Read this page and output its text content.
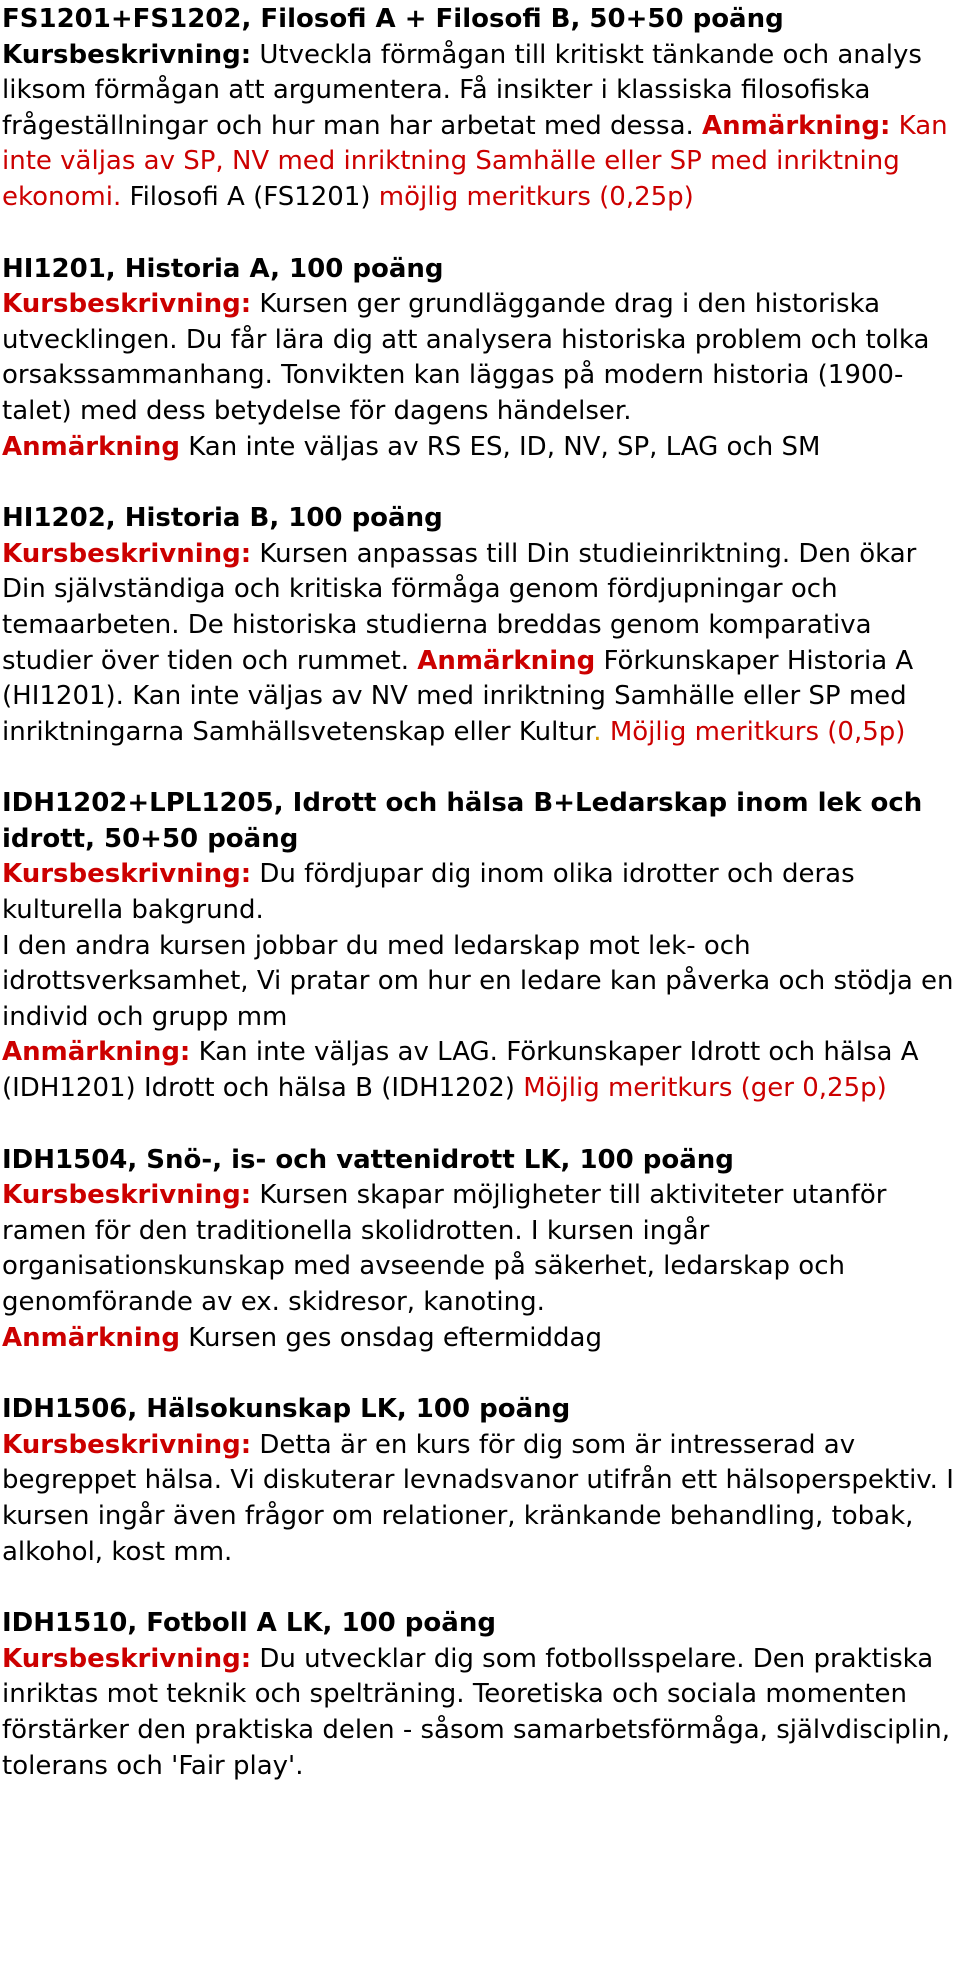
FS1201+FS1202, Filosofi A + Filosofi B, 50+50 poäng
Kursbeskrivning: Utveckla förmågan till kritiskt tänkande och analys liksom förmågan att argumentera. Få insikter i klassiska filosofiska frågeställningar och hur man har arbetat med dessa. Anmärkning: Kan inte väljas av SP, NV med inriktning Samhälle eller SP med inriktning ekonomi. Filosofi A (FS1201) möjlig meritkurs (0,25p)

HI1201, Historia A, 100 poäng
Kursbeskrivning: Kursen ger grundläggande drag i den historiska utvecklingen. Du får lära dig att analysera historiska problem och tolka orsakssammanhang. Tonvikten kan läggas på modern historia (1900-talet) med dess betydelse för dagens händelser.
Anmärkning Kan inte väljas av RS ES, ID, NV, SP, LAG och SM

HI1202, Historia B, 100 poäng
Kursbeskrivning: Kursen anpassas till Din studieinriktning. Den ökar Din självständiga och kritiska förmåga genom fördjupningar och temaarbeten. De historiska studierna breddas genom komparativa studier över tiden och rummet. Anmärkning Förkunskaper Historia A (HI1201). Kan inte väljas av NV med inriktning Samhälle eller SP med inriktningarna Samhällsvetenskap eller Kultur. Möjlig meritkurs (0,5p)

IDH1202+LPL1205, Idrott och hälsa B+Ledarskap inom lek och idrott, 50+50 poäng
Kursbeskrivning: Du fördjupar dig inom olika idrotter och deras kulturella bakgrund.
I den andra kursen jobbar du med ledarskap mot lek- och idrottsverksamhet, Vi pratar om hur en ledare kan påverka och stödja en individ och grupp mm
Anmärkning: Kan inte väljas av LAG. Förkunskaper Idrott och hälsa A (IDH1201) Idrott och hälsa B (IDH1202) Möjlig meritkurs (ger 0,25p)

IDH1504, Snö-, is- och vattenidrott LK, 100 poäng
Kursbeskrivning: Kursen skapar möjligheter till aktiviteter utanför ramen för den traditionella skolidrotten. I kursen ingår organisationskunskap med avseende på säkerhet, ledarskap och genomförande av ex. skidresor, kanoting.
Anmärkning Kursen ges onsdag eftermiddag

IDH1506, Hälsokunskap LK, 100 poäng
Kursbeskrivning: Detta är en kurs för dig som är intresserad av begreppet hälsa. Vi diskuterar levnadsvanor utifrån ett hälsoperspektiv. I kursen ingår även frågor om relationer, kränkande behandling, tobak, alkohol, kost mm.

IDH1510, Fotboll A LK, 100 poäng
Kursbeskrivning: Du utvecklar dig som fotbollsspelare. Den praktiska inriktas mot teknik och spelträning. Teoretiska och sociala momenten förstärker den praktiska delen - såsom samarbetsförmåga, självdisciplin, tolerans och 'Fair play'.
